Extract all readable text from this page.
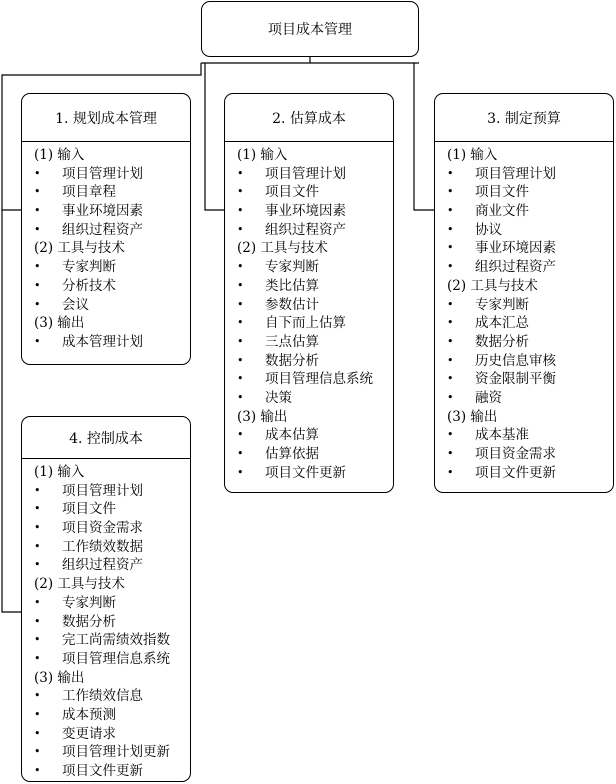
项目成本管理
1. 规划成本管理
(1) 输入
• 项目管理计划
• 项目章程
• 事业环境因素
• 组织过程资产
(2) 工具与技术
• 专家判断
• 分析技术
• 会议
(3) 输出
• 成本管理计划
2. 估算成本
(1) 输入
• 项目管理计划
• 项目文件
• 事业环境因素
• 组织过程资产
(2) 工具与技术
• 专家判断
• 类比估算
• 参数估计
• 自下而上估算
• 三点估算
• 数据分析
• 项目管理信息系统
• 决策
(3) 输出
• 成本估算
• 估算依据
• 项目文件更新
3. 制定预算
(1) 输入
• 项目管理计划
• 项目文件
• 商业文件
• 协议
• 事业环境因素
• 组织过程资产
(2) 工具与技术
• 专家判断
• 成本汇总
• 数据分析
• 历史信息审核
• 资金限制平衡
• 融资
(3) 输出
• 成本基准
• 项目资金需求
• 项目文件更新
4. 控制成本
(1) 输入
• 项目管理计划
• 项目文件
• 项目资金需求
• 工作绩效数据
• 组织过程资产
(2) 工具与技术
• 专家判断
• 数据分析
• 完工尚需绩效指数
• 项目管理信息系统
(3) 输出
• 工作绩效信息
• 成本预测
• 变更请求
• 项目管理计划更新
• 项目文件更新
